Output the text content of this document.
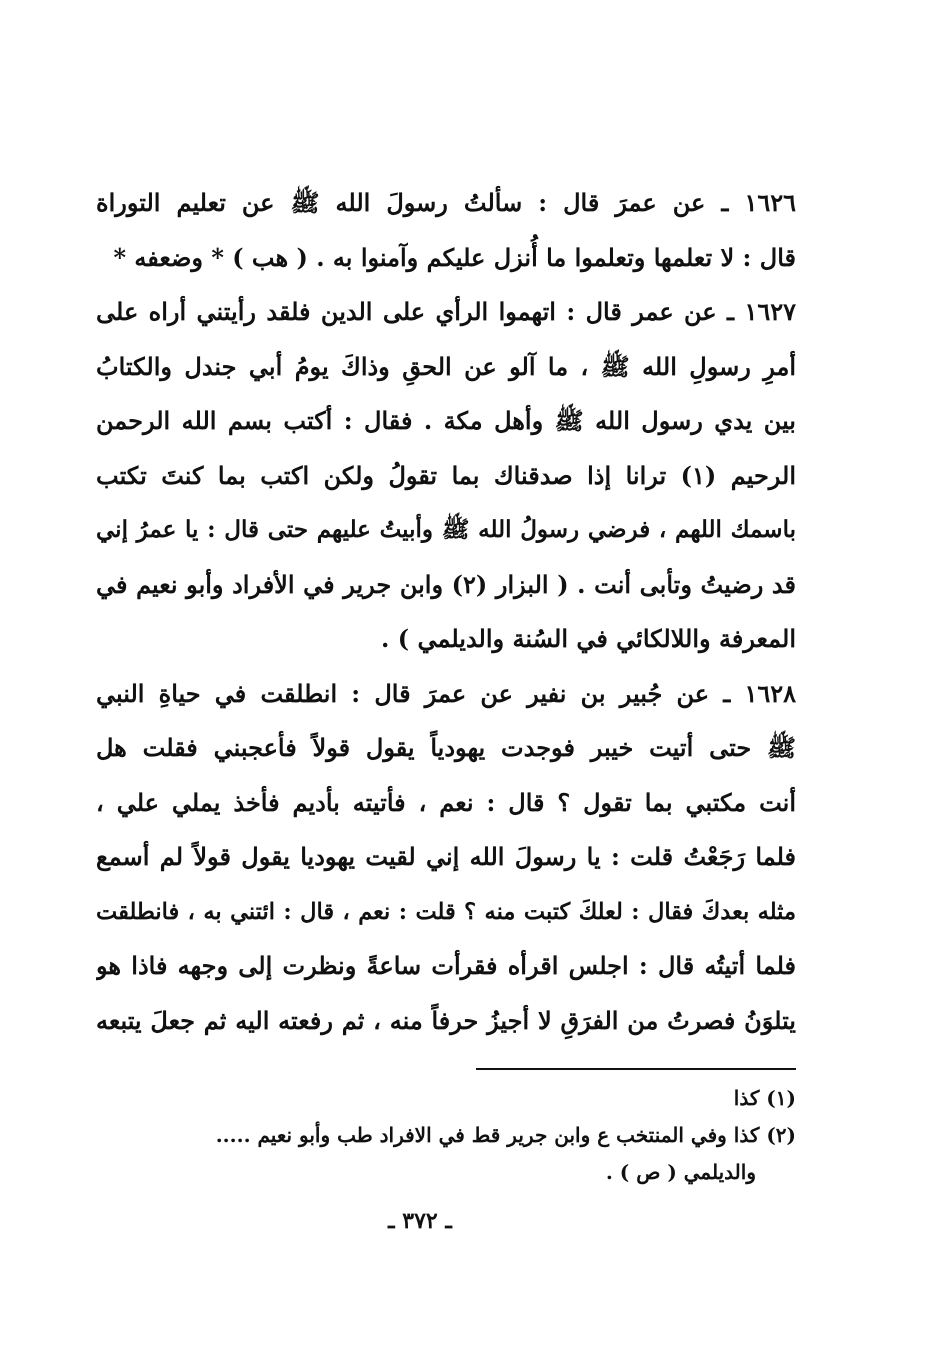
١٦٢٦ ـ عن عمرَ قال : سألتُ رسولَ الله ﷺ عن تعليم التوراة
قال : لا تعلمها وتعلموا ما أُنزل عليكم وآمنوا به . ( هب ) * وضعفه *
١٦٢٧ ـ عن عمر قال : اتهموا الرأي على الدين فلقد رأيتني أراه على
أمرِ رسولِ الله ﷺ ، ما آلو عن الحقِ وذاكَ يومُ أبي جندل والكتابُ
بين يدي رسول الله ﷺ وأهل مكة . فقال : أكتب بسم الله الرحمن
الرحيم (١) ترانا إذا صدقناك بما تقولُ ولكن اكتب بما كنتَ تكتب
باسمك اللهم ، فرضي رسولُ الله ﷺ وأبيتُ عليهم حتى قال : يا عمرُ إني
قد رضيتُ وتأبى أنت . ( البزار (٢) وابن جرير في الأفراد وأبو نعيم في
المعرفة واللالكائي في السُنة والديلمي ) .
١٦٢٨ ـ عن جُبير بن نفير عن عمرَ قال : انطلقت في حياةِ النبي
ﷺ حتى أتيت خيبر فوجدت يهودياً يقول قولاً فأعجبني فقلت هل
أنت مكتبي بما تقول ؟ قال : نعم ، فأتيته بأديم فأخذ يملي علي ،
فلما رَجَعْتُ قلت : يا رسولَ الله إني لقيت يهوديا يقول قولاً لم أسمع
مثله بعدكَ فقال : لعلكَ كتبت منه ؟ قلت : نعم ، قال : ائتني به ، فانطلقت
فلما أتيتُه قال : اجلس اقرأه فقرأت ساعةً ونظرت إلى وجهه فاذا هو
يتلوَنُ فصرتُ من الفرَقِ لا أجيزُ حرفاً منه ، ثم رفعته اليه ثم جعلَ يتبعه
(١) كذا
(٢) كذا وفي المنتخب ع وابن جرير قط في الافراد طب وأبو نعيم .....
والديلمي ( ص ) .
ـ ٣٧٢ ـ
